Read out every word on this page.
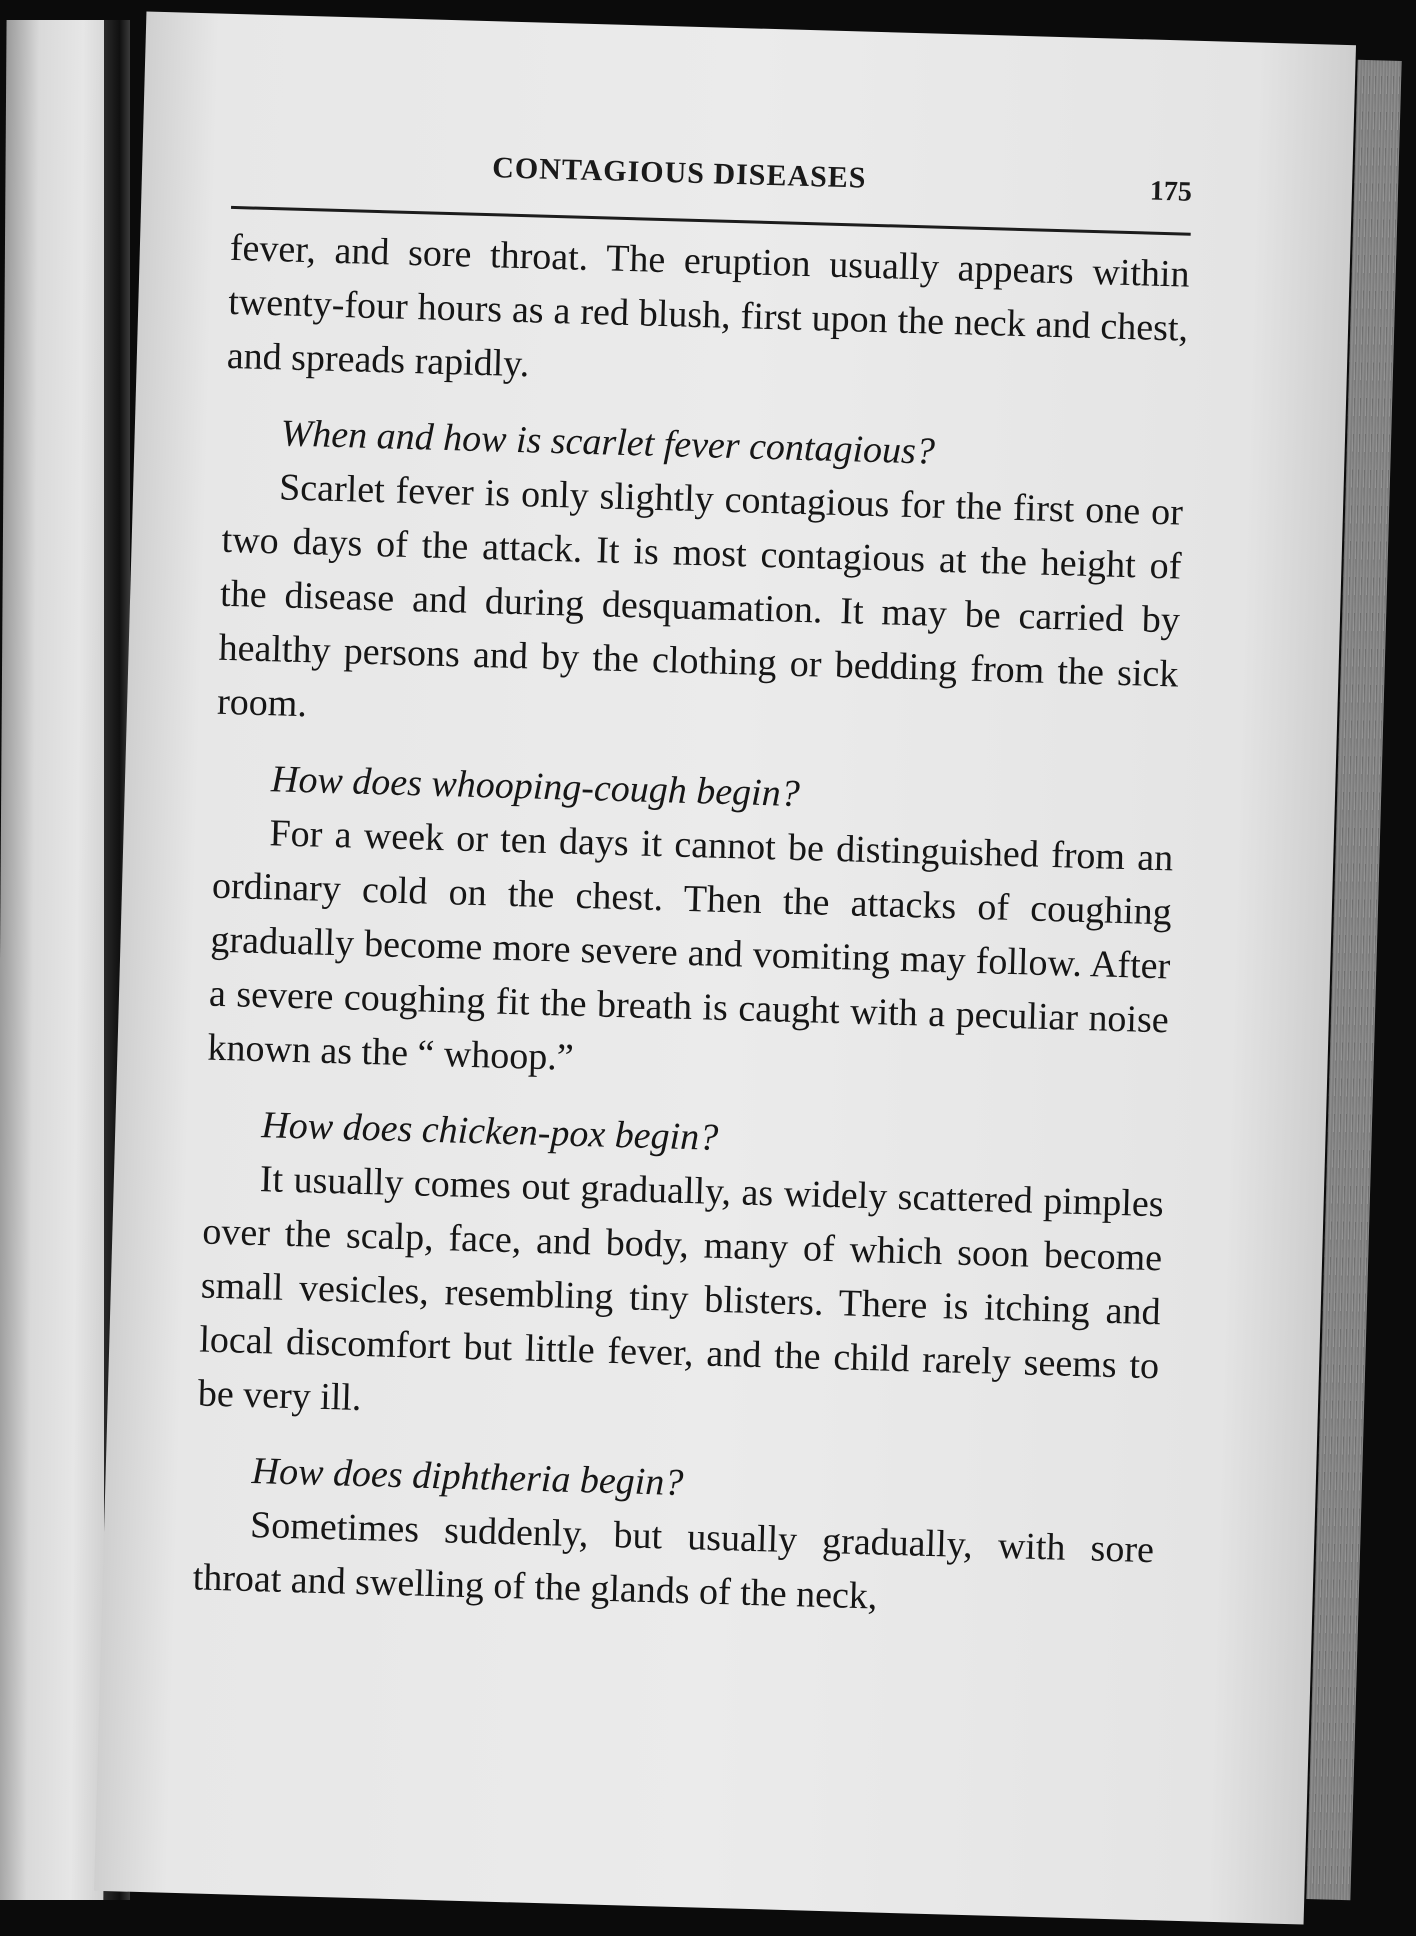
CONTAGIOUS DISEASES	175

fever, and sore throat. The eruption usually appears within twenty-four hours as a red blush, first upon the neck and chest, and spreads rapidly.

When and how is scarlet fever contagious?

Scarlet fever is only slightly contagious for the first one or two days of the attack. It is most contagious at the height of the disease and during desquamation. It may be carried by healthy persons and by the clothing or bedding from the sick room.

How does whooping-cough begin?

For a week or ten days it cannot be distinguished from an ordinary cold on the chest. Then the attacks of coughing gradually become more severe and vomiting may follow. After a severe coughing fit the breath is caught with a peculiar noise known as the “ whoop.”

How does chicken-pox begin?

It usually comes out gradually, as widely scattered pimples over the scalp, face, and body, many of which soon become small vesicles, resembling tiny blisters. There is itching and local discomfort but little fever, and the child rarely seems to be very ill.

How does diphtheria begin?

Sometimes suddenly, but usually gradually, with sore throat and swelling of the glands of the neck,
